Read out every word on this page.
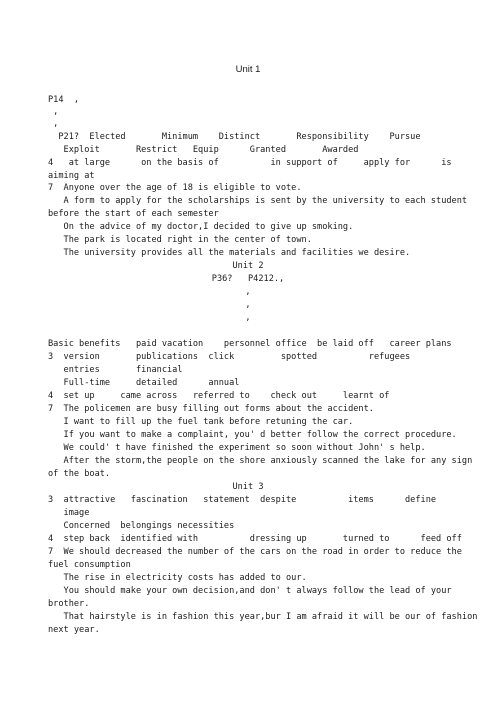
Unit 1
P14  ,
,
,
P21?  Elected       Minimum    Distinct       Responsibility    Pursue
Exploit       Restrict   Equip      Granted       Awarded
4   at large      on the basis of          in support of     apply for      is
aiming at
7  Anyone over the age of 18 is eligible to vote.
A form to apply for the scholarships is sent by the university to each student
before the start of each semester
On the advice of my doctor,I decided to give up smoking.
The park is located right in the center of town.
The university provides all the materials and facilities we desire.
Unit 2
P36?   P4212.,
,
,
,
Basic benefits   paid vacation    personnel office  be laid off   career plans
3  version       publications  click         spotted          refugees
entries       financial
Full-time     detailed      annual
4  set up     came across   referred to    check out     learnt of
7  The policemen are busy filling out forms about the accident.
I want to fill up the fuel tank before retuning the car.
If you want to make a complaint, you' d better follow the correct procedure.
We could' t have finished the experiment so soon without John' s help.
After the storm,the people on the shore anxiously scanned the lake for any sign
of the boat.
Unit 3
3  attractive   fascination   statement  despite          items      define
image
Concerned  belongings necessities
4  step back  identified with          dressing up       turned to      feed off
7  We should decreased the number of the cars on the road in order to reduce the
fuel consumption
The rise in electricity costs has added to our.
You should make your own decision,and don' t always follow the lead of your
brother.
That hairstyle is in fashion this year,bur I am afraid it will be our of fashion
next year.
